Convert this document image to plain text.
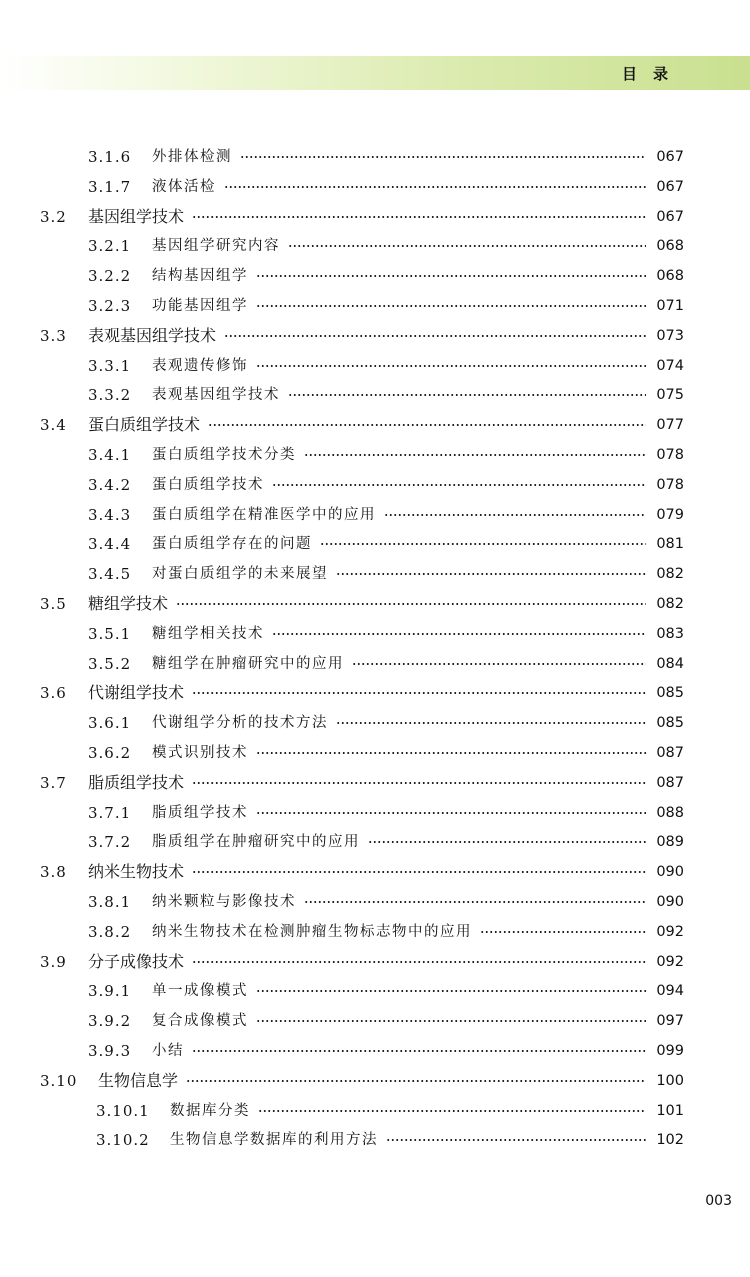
目录
3.1.6	外排体检测	067
3.1.7	液体活检	067
3.2	基因组学技术	067
3.2.1	基因组学研究内容	068
3.2.2	结构基因组学	068
3.2.3	功能基因组学	071
3.3	表观基因组学技术	073
3.3.1	表观遗传修饰	074
3.3.2	表观基因组学技术	075
3.4	蛋白质组学技术	077
3.4.1	蛋白质组学技术分类	078
3.4.2	蛋白质组学技术	078
3.4.3	蛋白质组学在精准医学中的应用	079
3.4.4	蛋白质组学存在的问题	081
3.4.5	对蛋白质组学的未来展望	082
3.5	糖组学技术	082
3.5.1	糖组学相关技术	083
3.5.2	糖组学在肿瘤研究中的应用	084
3.6	代谢组学技术	085
3.6.1	代谢组学分析的技术方法	085
3.6.2	模式识别技术	087
3.7	脂质组学技术	087
3.7.1	脂质组学技术	088
3.7.2	脂质组学在肿瘤研究中的应用	089
3.8	纳米生物技术	090
3.8.1	纳米颗粒与影像技术	090
3.8.2	纳米生物技术在检测肿瘤生物标志物中的应用	092
3.9	分子成像技术	092
3.9.1	单一成像模式	094
3.9.2	复合成像模式	097
3.9.3	小结	099
3.10	生物信息学	100
3.10.1	数据库分类	101
3.10.2	生物信息学数据库的利用方法	102
003
